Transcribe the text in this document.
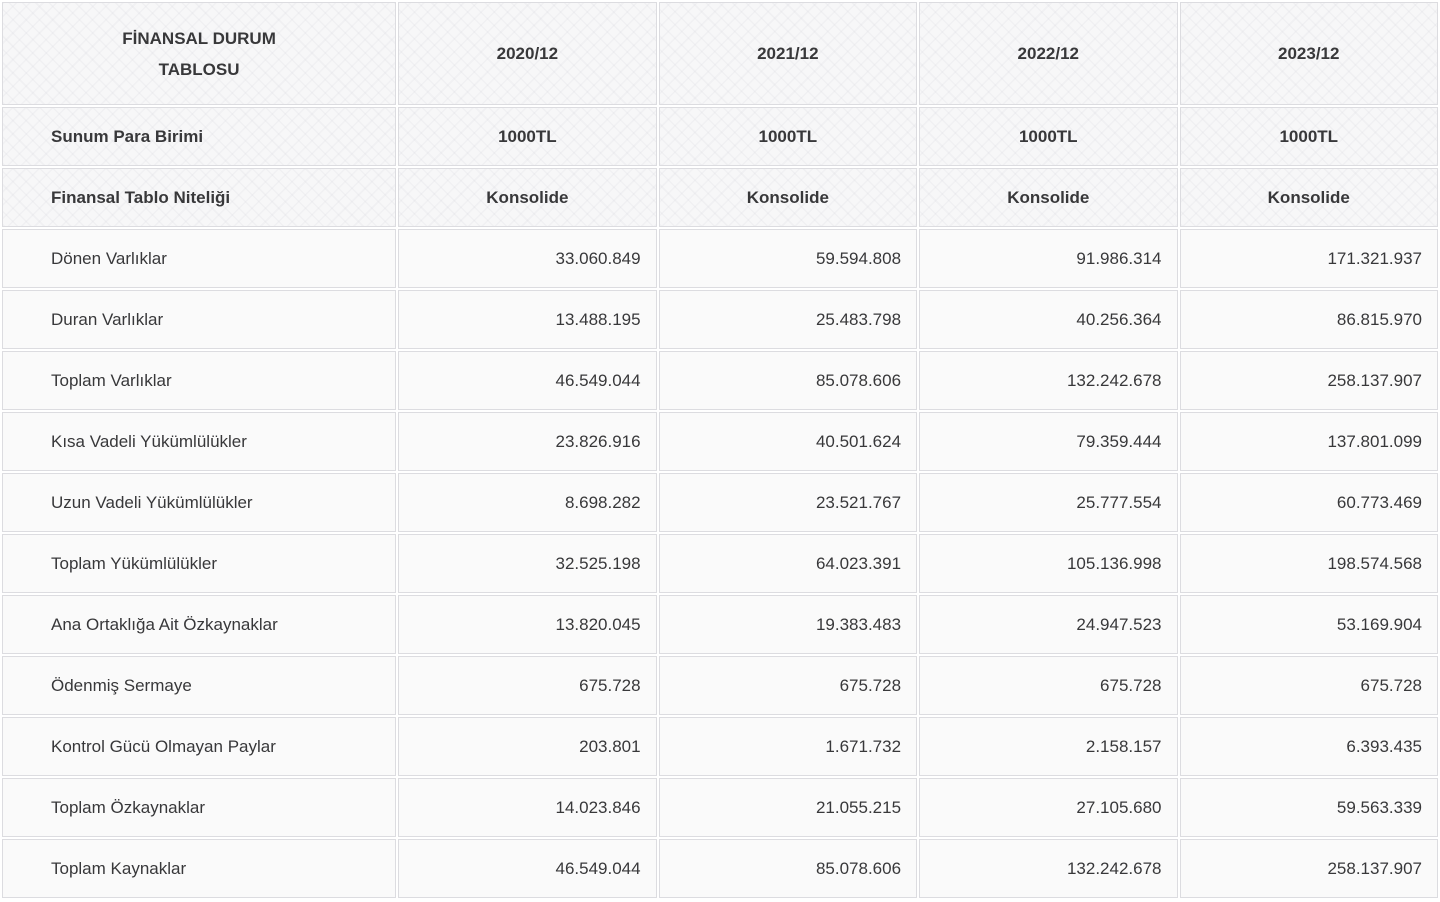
FİNANSAL DURUM
TABLOSU	2020/12	2021/12	2022/12	2023/12
Sunum Para Birimi	1000TL	1000TL	1000TL	1000TL
Finansal Tablo Niteliği	Konsolide	Konsolide	Konsolide	Konsolide
Dönen Varlıklar	33.060.849	59.594.808	91.986.314	171.321.937
Duran Varlıklar	13.488.195	25.483.798	40.256.364	86.815.970
Toplam Varlıklar	46.549.044	85.078.606	132.242.678	258.137.907
Kısa Vadeli Yükümlülükler	23.826.916	40.501.624	79.359.444	137.801.099
Uzun Vadeli Yükümlülükler	8.698.282	23.521.767	25.777.554	60.773.469
Toplam Yükümlülükler	32.525.198	64.023.391	105.136.998	198.574.568
Ana Ortaklığa Ait Özkaynaklar	13.820.045	19.383.483	24.947.523	53.169.904
Ödenmiş Sermaye	675.728	675.728	675.728	675.728
Kontrol Gücü Olmayan Paylar	203.801	1.671.732	2.158.157	6.393.435
Toplam Özkaynaklar	14.023.846	21.055.215	27.105.680	59.563.339
Toplam Kaynaklar	46.549.044	85.078.606	132.242.678	258.137.907
